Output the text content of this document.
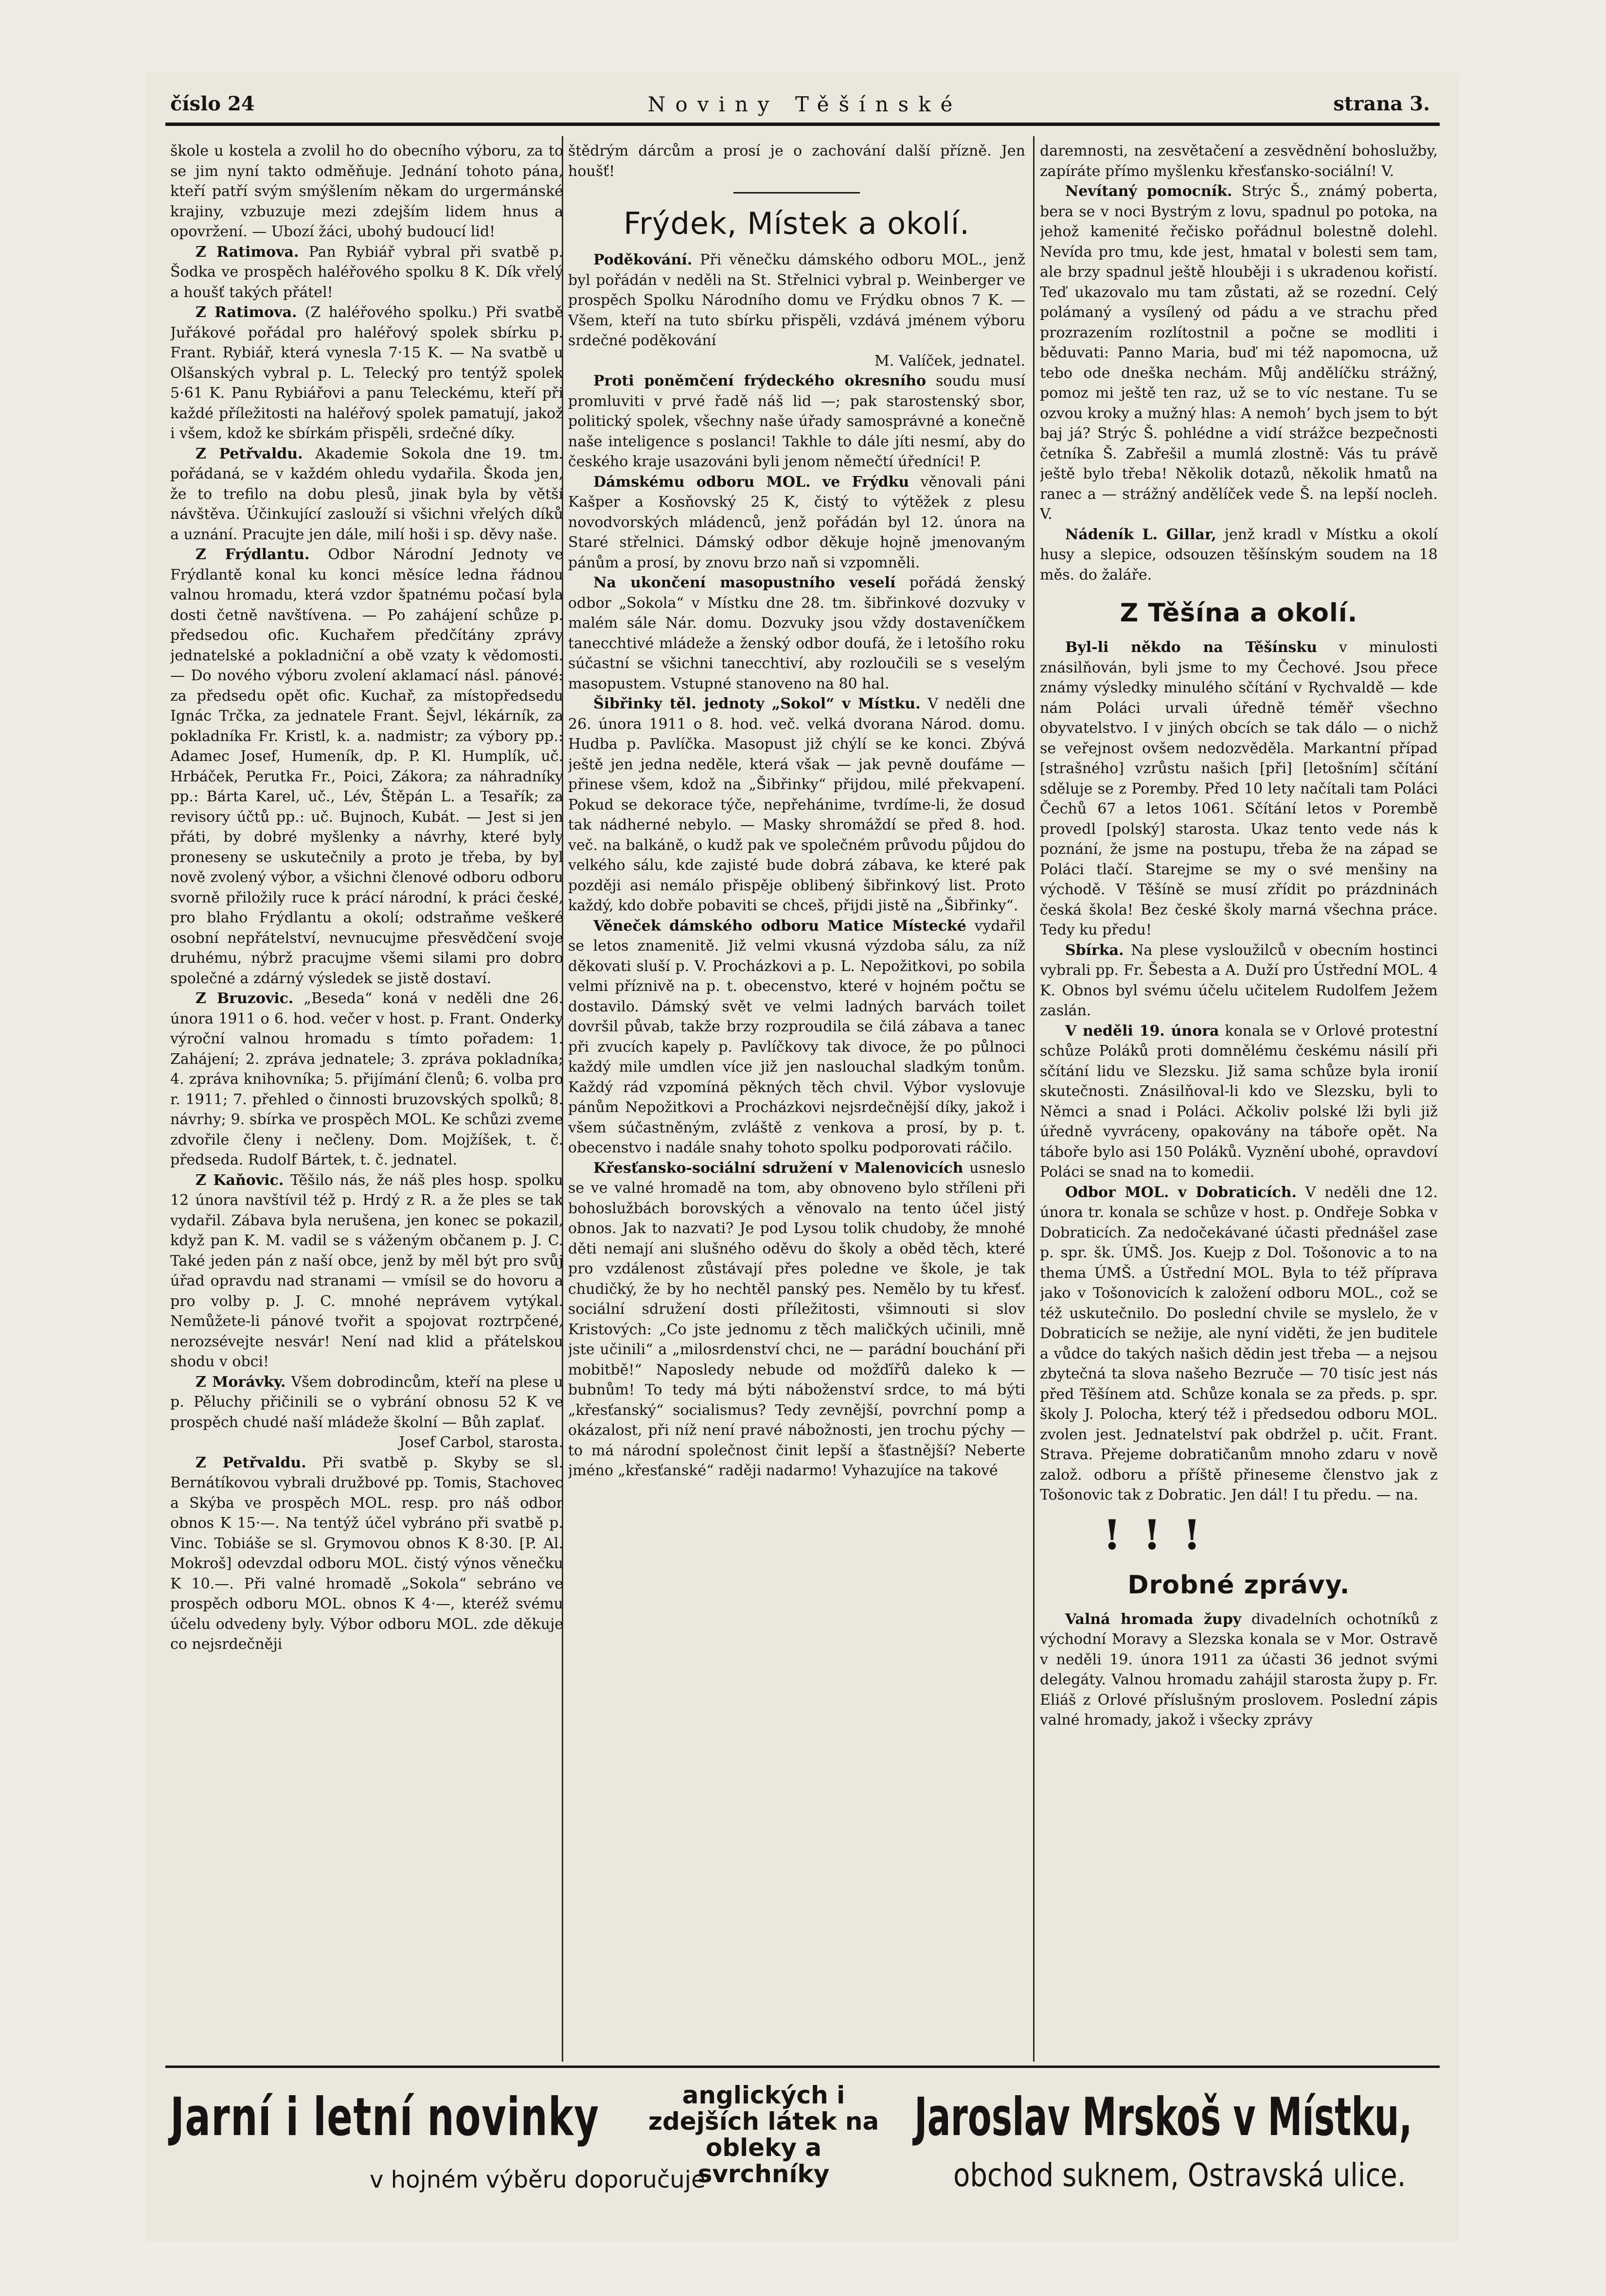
číslo 24	Noviny Těšínské	strana 3.

škole u kostela a zvolil ho do obecního výboru, za to se jim nyní takto odměňuje. Jednání tohoto pána, kteří patří svým smýšlením někam do urgermánské krajiny, vzbuzuje mezi zdejším lidem hnus a opovržení. — Ubozí žáci, ubohý budoucí lid!

Z Ratimova. Pan Rybiář vybral při svatbě p. Šodka ve prospěch haléřového spolku 8 K. Dík vřelý a houšť takých přátel!

Z Ratimova. (Z haléřového spolku.) Při svatbě Juřákové pořádal pro haléřový spolek sbírku p. Frant. Rybiář, která vynesla 7·15 K. — Na svatbě u Olšanských vybral p. L. Telecký pro tentýž spolek 5·61 K. Panu Rybiářovi a panu Teleckému, kteří při každé příležitosti na haléřový spolek pamatují, jakož i všem, kdož ke sbírkám přispěli, srdečné díky.

Z Petřvaldu. Akademie Sokola dne 19. tm. pořádaná, se v každém ohledu vydařila. Škoda jen, že to trefilo na dobu plesů, jinak byla by větší návštěva. Účinkující zaslouží si všichni vřelých díků a uznání. Pracujte jen dále, milí hoši i sp. děvy naše.

Z Frýdlantu. Odbor Národní Jednoty ve Frýdlantě konal ku konci měsíce ledna řádnou valnou hromadu, která vzdor špatnému počasí byla dosti četně navštívena. — Po zahájení schůze p. předsedou ofic. Kuchařem předčítány zprávy jednatelské a pokladniční a obě vzaty k vědomosti. — Do nového výboru zvolení aklamací násl. pánové: za předsedu opět ofic. Kuchař, za místopředsedu Ignác Trčka, za jednatele Frant. Šejvl, lékárník, za pokladníka Fr. Kristl, k. a. nadmistr; za výbory pp.: Adamec Josef, Humeník, dp. P. Kl. Humplík, uč. Hrbáček, Perutka Fr., Poici, Zákora; za náhradníky pp.: Bárta Karel, uč., Lév, Štěpán L. a Tesařík; za revisory účtů pp.: uč. Bujnoch, Kubát. — Jest si jen přáti, by dobré myšlenky a návrhy, které byly proneseny se uskutečnily a proto je třeba, by byl nově zvolený výbor, a všichni členové odboru odboru svorně přiložily ruce k prácí národní, k práci české, pro blaho Frýdlantu a okolí; odstraňme veškeré osobní nepřátelství, nevnucujme přesvědčení svoje druhému, nýbrž pracujme všemi silami pro dobro společné a zdárný výsledek se jistě dostaví.

Z Bruzovic. „Beseda“ koná v neděli dne 26. února 1911 o 6. hod. večer v host. p. Frant. Onderky výroční valnou hromadu s tímto pořadem: 1. Zahájení; 2. zpráva jednatele; 3. zpráva pokladníka; 4. zpráva knihovníka; 5. přijímání členů; 6. volba pro r. 1911; 7. přehled o činnosti bruzovských spolků; 8. návrhy; 9. sbírka ve prospěch MOL. Ke schůzi zveme zdvořile členy i nečleny. Dom. Mojžíšek, t. č. předseda. Rudolf Bártek, t. č. jednatel.

Z Kaňovic. Těšilo nás, že náš ples hosp. spolku 12 února navštívil též p. Hrdý z R. a že ples se tak vydařil. Zábava byla nerušena, jen konec se pokazil, když pan K. M. vadil se s váženým občanem p. J. C. Také jeden pán z naší obce, jenž by měl být pro svůj úřad opravdu nad stranami — vmísil se do hovoru a pro volby p. J. C. mnohé neprávem vytýkal. Nemůžete-li pánové tvořit a spojovat roztrpčené, nerozsévejte nesvár! Není nad klid a přátelskou shodu v obci!

Z Morávky. Všem dobrodincům, kteří na plese u p. Pěluchy přičinili se o vybrání obnosu 52 K ve prospěch chudé naší mládeže školní — Bůh zaplať.

Josef Carbol, starosta.

Z Petřvaldu. Při svatbě p. Skyby se sl. Bernátíkovou vybrali družbové pp. Tomis, Stachovec a Skýba ve prospěch MOL. resp. pro náš odbor obnos K 15·—. Na tentýž účel vybráno při svatbě p. Vinc. Tobiáše se sl. Grymovou obnos K 8·30. [P. Al. Mokroš] odevzdal odboru MOL. čistý výnos věnečku K 10.—. Při valné hromadě „Sokola“ sebráno ve prospěch odboru MOL. obnos K 4·—, kteréž svému účelu odvedeny byly. Výbor odboru MOL. zde děkuje co nejsrdečněji

štědrým dárcům a prosí je o zachování další přízně. Jen houšť!

Frýdek, Místek a okolí.

Poděkování. Při věnečku dámského odboru MOL., jenž byl pořádán v neděli na St. Střelnici vybral p. Weinberger ve prospěch Spolku Národního domu ve Frýdku obnos 7 K. — Všem, kteří na tuto sbírku přispěli, vzdává jménem výboru srdečné poděkování

M. Valíček, jednatel.

Proti poněmčení frýdeckého okresního soudu musí promluviti v prvé řadě náš lid —; pak starostenský sbor, politický spolek, všechny naše úřady samosprávné a konečně naše inteligence s poslanci! Takhle to dále jíti nesmí, aby do českého kraje usazováni byli jenom němečtí úředníci! P.

Dámskému odboru MOL. ve Frýdku věnovali páni Kašper a Kosňovský 25 K, čistý to výtěžek z plesu novodvorských mládenců, jenž pořádán byl 12. února na Staré střelnici. Dámský odbor děkuje hojně jmenovaným pánům a prosí, by znovu brzo naň si vzpomněli.

Na ukončení masopustního veselí pořádá ženský odbor „Sokola“ v Místku dne 28. tm. šibřinkové dozvuky v malém sále Nár. domu. Dozvuky jsou vždy dostaveníčkem tanecchtivé mládeže a ženský odbor doufá, že i letošího roku súčastní se všichni tanecchtiví, aby rozloučili se s veselým masopustem. Vstupné stanoveno na 80 hal.

Šibřinky těl. jednoty „Sokol“ v Místku. V neděli dne 26. února 1911 o 8. hod. več. velká dvorana Národ. domu. Hudba p. Pavlíčka. Masopust již chýlí se ke konci. Zbývá ještě jen jedna neděle, která však — jak pevně doufáme — přinese všem, kdož na „Šibřinky“ přijdou, milé překvapení. Pokud se dekorace týče, nepřehánime, tvrdíme-li, že dosud tak nádherné nebylo. — Masky shromáždí se před 8. hod. več. na balkáně, o kudž pak ve společném průvodu půjdou do velkého sálu, kde zajisté bude dobrá zábava, ke které pak později asi nemálo přispěje oblibený šibřinkový list. Proto každý, kdo dobře pobaviti se chceš, přijdi jistě na „Šibřinky“.

Věneček dámského odboru Matice Místecké vydařil se letos znamenitě. Již velmi vkusná výzdoba sálu, za níž děkovati sluší p. V. Procházkovi a p. L. Nepožitkovi, po sobila velmi příznivě na p. t. obecenstvo, které v hojném počtu se dostavilo. Dámský svět ve velmi ladných barvách toilet dovršil půvab, takže brzy rozproudila se čilá zábava a tanec při zvucích kapely p. Pavlíčkovy tak divoce, že po půlnoci každý mile umdlen více již jen naslouchal sladkým tonům. Každý rád vzpomíná pěkných těch chvil. Výbor vyslovuje pánům Nepožitkovi a Procházkovi nejsrdečnější díky, jakož i všem súčastněným, zvláště z venkova a prosí, by p. t. obecenstvo i nadále snahy tohoto spolku podporovati ráčilo.

Křesťansko-sociální sdružení v Malenovicích usneslo se ve valné hromadě na tom, aby obnoveno bylo stříleni při bohoslužbách borovských a věnovalo na tento účel jistý obnos. Jak to nazvati? Je pod Lysou tolik chudoby, že mnohé děti nemají ani slušného oděvu do školy a oběd těch, které pro vzdálenost zůstávají přes poledne ve škole, je tak chudičký, že by ho nechtěl panský pes. Nemělo by tu křesť. sociální sdružení dosti příležitosti, všimnouti si slov Kristových: „Co jste jednomu z těch maličkých učinili, mně jste učinili“ a „milosrdenství chci, ne — parádní bouchání při mobitbě!“ Naposledy nebude od možďířů daleko k — bubnům! To tedy má býti náboženství srdce, to má býti „křesťanský“ socialismus? Tedy zevnější, povrchní pomp a okázalost, při níž není pravé nábožnosti, jen trochu pýchy — to má národní společnost činit lepší a šťastnější? Neberte jméno „křesťanské“ raději nadarmo! Vyhazujíce na takové

daremnosti, na zesvětačení a zesvědnění bohoslužby, zapíráte přímo myšlenku křesťansko-sociální! V.

Nevítaný pomocník. Strýc Š., známý poberta, bera se v noci Bystrým z lovu, spadnul po potoka, na jehož kamenité řečisko pořádnul bolestně dolehl. Nevída pro tmu, kde jest, hmatal v bolesti sem tam, ale brzy spadnul ještě hlouběji i s ukradenou kořistí. Teď ukazovalo mu tam zůstati, až se rozední. Celý polámaný a vysílený od pádu a ve strachu před prozrazením rozlítostnil a počne se modliti i běduvati: Panno Maria, buď mi též napomocna, už tebo ode dneška nechám. Můj andělíčku strážný, pomoz mi ještě ten raz, už se to víc nestane. Tu se ozvou kroky a mužný hlas: A nemoh’ bych jsem to být baj já? Strýc Š. pohlédne a vidí strážce bezpečnosti četníka Š. Zabřešil a mumlá zlostně: Vás tu právě ještě bylo třeba! Několik dotazů, několik hmatů na ranec a — strážný andělíček vede Š. na lepší nocleh. V.

Nádeník L. Gillar, jenž kradl v Místku a okolí husy a slepice, odsouzen těšínským soudem na 18 měs. do žaláře.

Z Těšína a okolí.

Byl-li někdo na Těšínsku v minulosti znásilňován, byli jsme to my Čechové. Jsou přece známy výsledky minulého sčítání v Rychvaldě — kde nám Poláci urvali úředně téměř všechno obyvatelstvo. I v jiných obcích se tak dálo — o nichž se veřejnost ovšem nedozvěděla. Markantní případ [strašného] vzrůstu našich [při] [letošním] sčítání sděluje se z Poremby. Před 10 lety načítali tam Poláci Čechů 67 a letos 1061. Sčítání letos v Porembě provedl [polský] starosta. Ukaz tento vede nás k poznání, že jsme na postupu, třeba že na západ se Poláci tlačí. Starejme se my o své menšiny na východě. V Těšíně se musí zřídit po prázdninách česká škola! Bez české školy marná všechna práce. Tedy ku předu!

Sbírka. Na plese vysloužilců v obecním hostinci vybrali pp. Fr. Šebesta a A. Duží pro Ústřední MOL. 4 K. Obnos byl svému účelu učitelem Rudolfem Ježem zaslán.

V neděli 19. února konala se v Orlové protestní schůze Poláků proti domnělému českému násilí při sčítání lidu ve Slezsku. Již sama schůze byla ironií skutečnosti. Znásilňoval-li kdo ve Slezsku, byli to Němci a snad i Poláci. Ačkoliv polské lži byli již úředně vyvráceny, opakovány na táboře opět. Na táboře bylo asi 150 Poláků. Vyznění ubohé, opravdoví Poláci se snad na to komedii.

Odbor MOL. v Dobraticích. V neděli dne 12. února tr. konala se schůze v host. p. Ondřeje Sobka v Dobraticích. Za nedočekávané účasti přednášel zase p. spr. šk. ÚMŠ. Jos. Kuejp z Dol. Tošonovic a to na thema ÚMŠ. a Ústřední MOL. Byla to též příprava jako v Tošonovicích k založení odboru MOL., což se též uskutečnilo. Do poslední chvile se myslelo, že v Dobraticích se nežije, ale nyní viděti, že jen buditele a vůdce do takých našich dědin jest třeba — a nejsou zbytečná ta slova našeho Bezruče — 70 tisíc jest nás před Těšínem atd. Schůze konala se za předs. p. spr. školy J. Polocha, který též i předsedou odboru MOL. zvolen jest. Jednatelství pak obdržel p. učit. Frant. Strava. Přejeme dobratičanům mnoho zdaru v nově založ. odboru a příště přineseme členstvo jak z Tošonovic tak z Dobratic. Jen dál! I tu předu. — na.

! ! !
Drobné zprávy.

Valná hromada župy divadelních ochotníků z východní Moravy a Slezska konala se v Mor. Ostravě v neděli 19. února 1911 za účasti 36 jednot svými delegáty. Valnou hromadu zahájil starosta župy p. Fr. Eliáš z Orlové příslušným proslovem. Poslední zápis valné hromady, jakož i všecky zprávy

Jarní i letní novinky	anglických i zdejších látek na obleky a svrchníky
Jaroslav Mrskoš v Místku,
v hojném výběru doporučuje	obchod suknem, Ostravská ulice.
